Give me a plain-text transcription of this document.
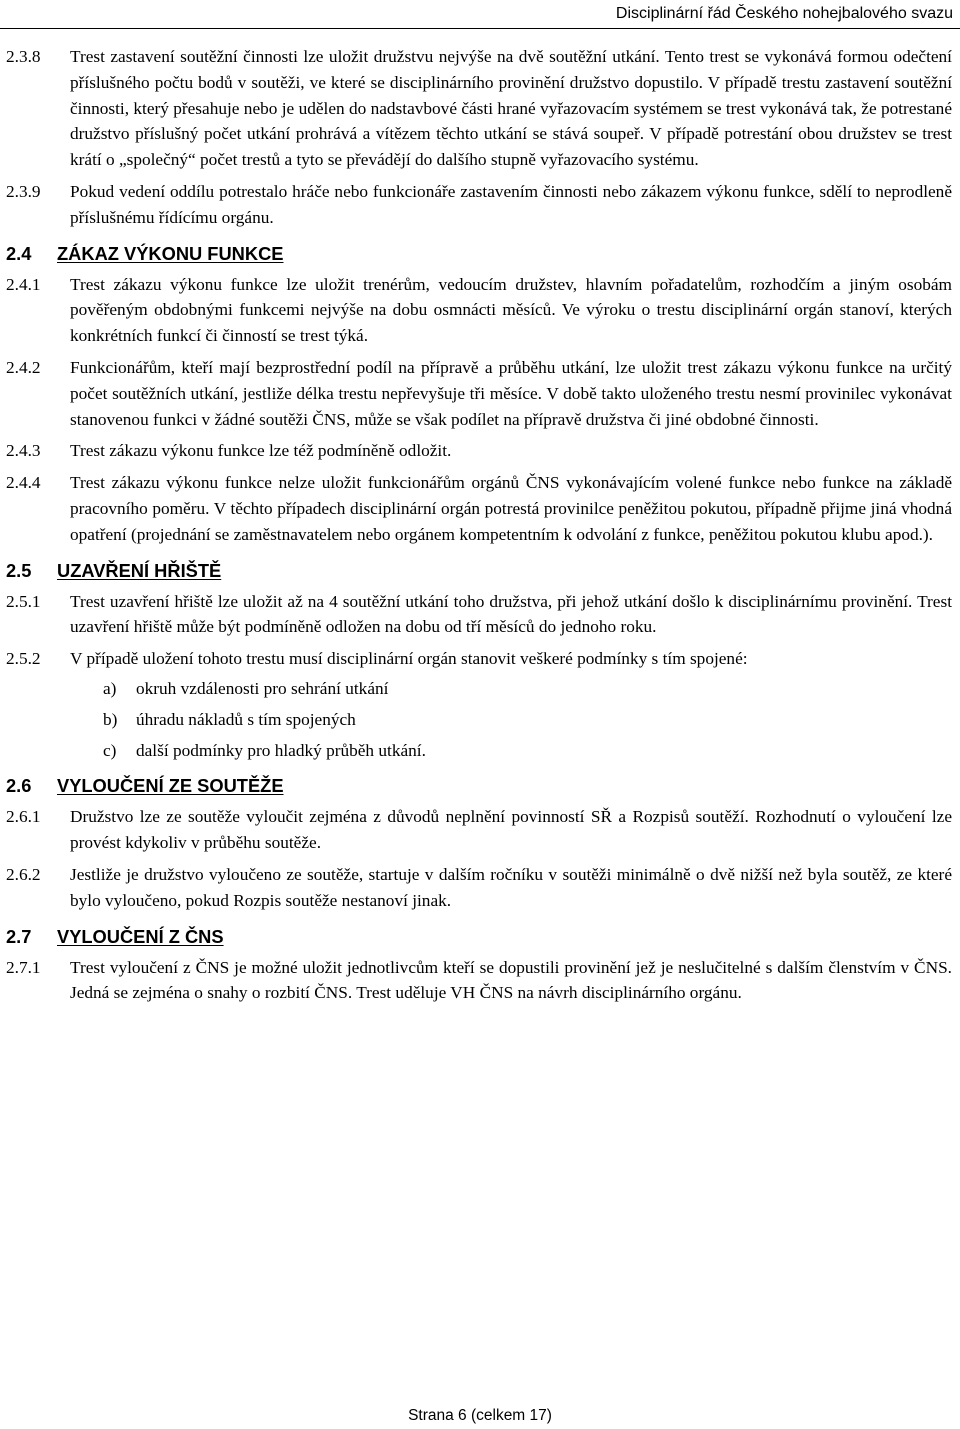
Disciplinární řád Českého nohejbalového svazu

2.3.8 Trest zastavení soutěžní činnosti lze uložit družstvu nejvýše na dvě soutěžní utkání. Tento trest se vykonává formou odečtení příslušného počtu bodů v soutěži, ve které se disciplinárního provinění družstvo dopustilo. V případě trestu zastavení soutěžní činnosti, který přesahuje nebo je udělen do nadstavbové části hrané vyřazovacím systémem se trest vykonává tak, že potrestané družstvo příslušný počet utkání prohrává a vítězem těchto utkání se stává soupeř. V případě potrestání obou družstev se trest krátí o „společný“ počet trestů a tyto se převádějí do dalšího stupně vyřazovacího systému.

2.3.9 Pokud vedení oddílu potrestalo hráče nebo funkcionáře zastavením činnosti nebo zákazem výkonu funkce, sdělí to neprodleně příslušnému řídícímu orgánu.

2.4 ZÁKAZ VÝKONU FUNKCE

2.4.1 Trest zákazu výkonu funkce lze uložit trenérům, vedoucím družstev, hlavním pořadatelům, rozhodčím a jiným osobám pověřeným obdobnými funkcemi nejvýše na dobu osmnácti měsíců. Ve výroku o trestu disciplinární orgán stanoví, kterých konkrétních funkcí či činností se trest týká.

2.4.2 Funkcionářům, kteří mají bezprostřední podíl na přípravě a průběhu utkání, lze uložit trest zákazu výkonu funkce na určitý počet soutěžních utkání, jestliže délka trestu nepřevyšuje tři měsíce. V době takto uloženého trestu nesmí provinilec vykonávat stanovenou funkci v žádné soutěži ČNS, může se však podílet na přípravě družstva či jiné obdobné činnosti.

2.4.3 Trest zákazu výkonu funkce lze též podmíněně odložit.

2.4.4 Trest zákazu výkonu funkce nelze uložit funkcionářům orgánů ČNS vykonávajícím volené funkce nebo funkce na základě pracovního poměru. V těchto případech disciplinární orgán potrestá provinilce peněžitou pokutou, případně přijme jiná vhodná opatření (projednání se zaměstnavatelem nebo orgánem kompetentním k odvolání z funkce, peněžitou pokutou klubu apod.).

2.5 UZAVŘENÍ HŘIŠTĚ

2.5.1 Trest uzavření hřiště lze uložit až na 4 soutěžní utkání toho družstva, při jehož utkání došlo k disciplinárnímu provinění. Trest uzavření hřiště může být podmíněně odložen na dobu od tří měsíců do jednoho roku.

2.5.2 V případě uložení tohoto trestu musí disciplinární orgán stanovit veškeré podmínky s tím spojené:

a) okruh vzdálenosti pro sehrání utkání
b) úhradu nákladů s tím spojených
c) další podmínky pro hladký průběh utkání.
2.6 VYLOUČENÍ ZE SOUTĚŽE

2.6.1 Družstvo lze ze soutěže vyloučit zejména z důvodů neplnění povinností SŘ a Rozpisů soutěží. Rozhodnutí o vyloučení lze provést kdykoliv v průběhu soutěže.

2.6.2 Jestliže je družstvo vyloučeno ze soutěže, startuje v dalším ročníku v soutěži minimálně o dvě nižší než byla soutěž, ze které bylo vyloučeno, pokud Rozpis soutěže nestanoví jinak.

2.7 VYLOUČENÍ Z ČNS

2.7.1 Trest vyloučení z ČNS je možné uložit jednotlivcům kteří se dopustili provinění jež je neslučitelné s dalším členstvím v ČNS. Jedná se zejména o snahy o rozbití ČNS. Trest uděluje VH ČNS na návrh disciplinárního orgánu.

Strana 6 (celkem 17)
